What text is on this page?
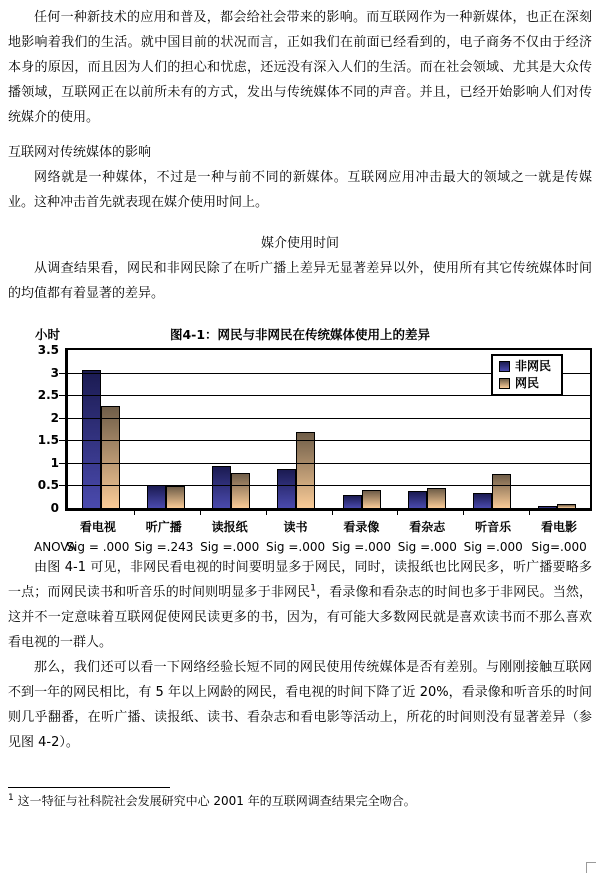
任何一种新技术的应用和普及，都会给社会带来的影响。而互联网作为一种新媒体，也正在深刻地影响着我们的生活。就中国目前的状况而言，正如我们在前面已经看到的，电子商务不仅由于经济本身的原因，而且因为人们的担心和忧虑，还远没有深入人们的生活。而在社会领域、尤其是大众传播领域，互联网正在以前所未有的方式，发出与传统媒体不同的声音。并且，已经开始影响人们对传统媒介的使用。

互联网对传统媒体的影响

网络就是一种媒体，不过是一种与前不同的新媒体。互联网应用冲击最大的领域之一就是传媒业。这种冲击首先就表现在媒介使用时间上。

媒介使用时间

从调查结果看，网民和非网民除了在听广播上差异无显著差异以外，使用所有其它传统媒体时间的均值都有着显著的差异。

小时	图4-1：网民与非网民在传统媒体使用上的差异
非网民
网民
0
0.5
1
1.5
2
2.5
3
3.5
看电视	听广播	读报纸	读书	看录像	看杂志	听音乐	看电影
ANOVA
Sig = .000 Sig =.243 Sig =.000 Sig =.000 Sig =.000 Sig =.000 Sig =.000 Sig=.000

由图 4-1 可见，非网民看电视的时间要明显多于网民，同时，读报纸也比网民多，听广播要略多一点；而网民读书和听音乐的时间则明显多于非网民$^1$，看录像和看杂志的时间也多于非网民。当然，这并不一定意味着互联网促使网民读更多的书，因为，有可能大多数网民就是喜欢读书而不那么喜欢看电视的一群人。

那么，我们还可以看一下网络经验长短不同的网民使用传统媒体是否有差别。与刚刚接触互联网不到一年的网民相比，有 5 年以上网龄的网民，看电视的时间下降了近 20%，看录像和听音乐的时间则几乎翻番，在听广播、读报纸、读书、看杂志和看电影等活动上，所花的时间则没有显著差异（参见图 4-2）。

$^1$ 这一特征与社科院社会发展研究中心 2001 年的互联网调查结果完全吻合。
